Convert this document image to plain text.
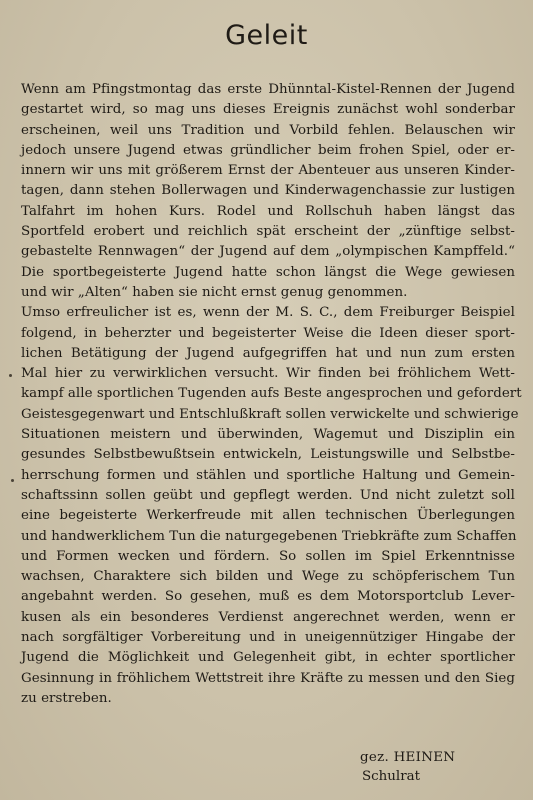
Geleit
Wenn am Pfingstmontag das erste Dhünntal-Kistel-Rennen der Jugend
gestartet wird, so mag uns dieses Ereignis zunächst wohl sonderbar
erscheinen, weil uns Tradition und Vorbild fehlen. Belauschen wir
jedoch unsere Jugend etwas gründlicher beim frohen Spiel, oder er-
innern wir uns mit größerem Ernst der Abenteuer aus unseren Kinder-
tagen, dann stehen Bollerwagen und Kinderwagenchassie zur lustigen
Talfahrt im hohen Kurs. Rodel und Rollschuh haben längst das
Sportfeld erobert und reichlich spät erscheint der „zünftige selbst-
gebastelte Rennwagen“ der Jugend auf dem „olympischen Kampffeld.“
Die sportbegeisterte Jugend hatte schon längst die Wege gewiesen
und wir „Alten“ haben sie nicht ernst genug genommen.
Umso erfreulicher ist es, wenn der M. S. C., dem Freiburger Beispiel
folgend, in beherzter und begeisterter Weise die Ideen dieser sport-
lichen Betätigung der Jugend aufgegriffen hat und nun zum ersten
Mal hier zu verwirklichen versucht. Wir finden bei fröhlichem Wett-
kampf alle sportlichen Tugenden aufs Beste angesprochen und gefordert
Geistesgegenwart und Entschlußkraft sollen verwickelte und schwierige
Situationen meistern und überwinden, Wagemut und Disziplin ein
gesundes Selbstbewußtsein entwickeln, Leistungswille und Selbstbe-
herrschung formen und stählen und sportliche Haltung und Gemein-
schaftssinn sollen geübt und gepflegt werden. Und nicht zuletzt soll
eine begeisterte Werkerfreude mit allen technischen Überlegungen
und handwerklichem Tun die naturgegebenen Triebkräfte zum Schaffen
und Formen wecken und fördern. So sollen im Spiel Erkenntnisse
wachsen, Charaktere sich bilden und Wege zu schöpferischem Tun
angebahnt werden. So gesehen, muß es dem Motorsportclub Lever-
kusen als ein besonderes Verdienst angerechnet werden, wenn er
nach sorgfältiger Vorbereitung und in uneigennütziger Hingabe der
Jugend die Möglichkeit und Gelegenheit gibt, in echter sportlicher
Gesinnung in fröhlichem Wettstreit ihre Kräfte zu messen und den Sieg
zu erstreben.
gez. HEINEN
Schulrat
